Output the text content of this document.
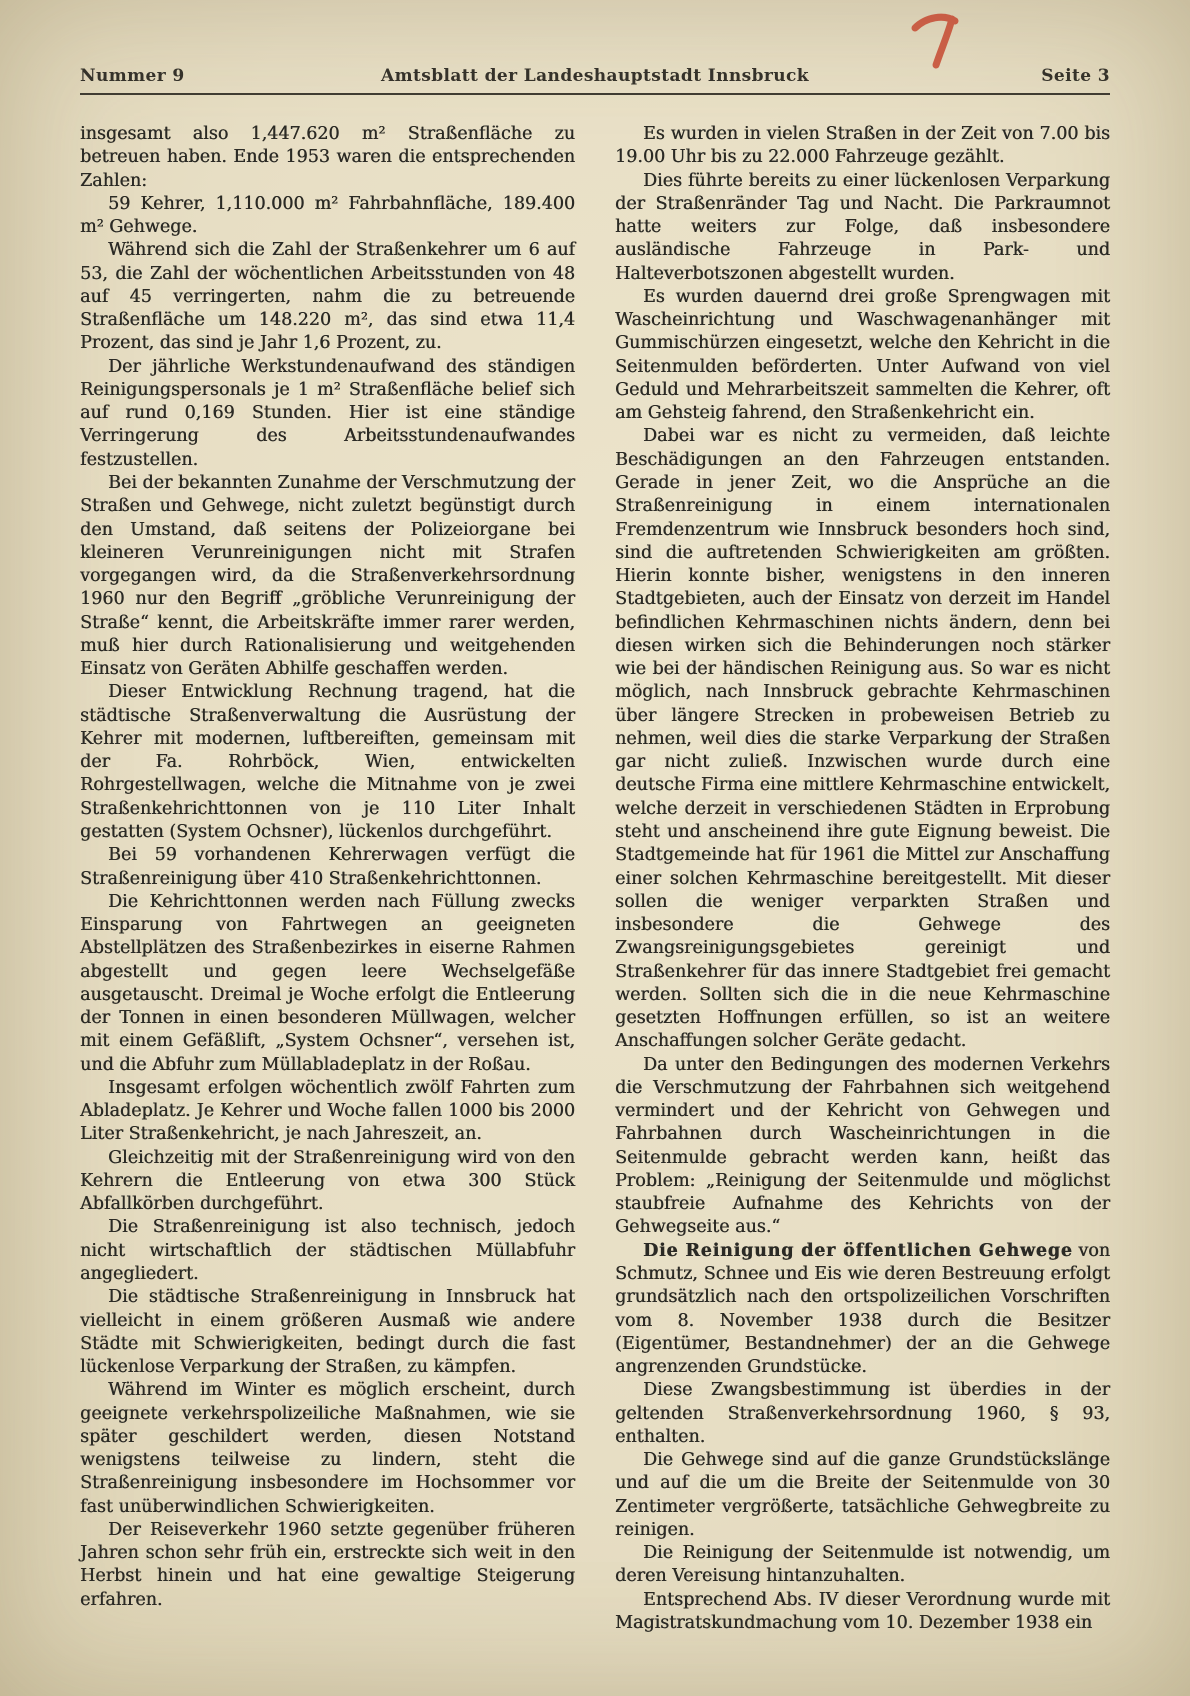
Nummer 9	Amtsblatt der Landeshauptstadt Innsbruck	Seite 3

insgesamt also 1,447.620 m² Straßenfläche zu betreuen haben. Ende 1953 waren die entsprechenden Zahlen:

59 Kehrer, 1,110.000 m² Fahrbahnfläche, 189.400 m² Gehwege.

Während sich die Zahl der Straßenkehrer um 6 auf 53, die Zahl der wöchentlichen Arbeitsstunden von 48 auf 45 verringerten, nahm die zu betreuende Straßenfläche um 148.220 m², das sind etwa 11,4 Prozent, das sind je Jahr 1,6 Prozent, zu.

Der jährliche Werkstundenaufwand des ständigen Reinigungspersonals je 1 m² Straßenfläche belief sich auf rund 0,169 Stunden. Hier ist eine ständige Verringerung des Arbeitsstundenaufwandes festzustellen.

Bei der bekannten Zunahme der Verschmutzung der Straßen und Gehwege, nicht zuletzt begünstigt durch den Umstand, daß seitens der Polizeiorgane bei kleineren Verunreinigungen nicht mit Strafen vorgegangen wird, da die Straßenverkehrsordnung 1960 nur den Begriff „gröbliche Verunreinigung der Straße“ kennt, die Arbeitskräfte immer rarer werden, muß hier durch Rationalisierung und weitgehenden Einsatz von Geräten Abhilfe geschaffen werden.

Dieser Entwicklung Rechnung tragend, hat die städtische Straßenverwaltung die Ausrüstung der Kehrer mit modernen, luftbereiften, gemeinsam mit der Fa. Rohrböck, Wien, entwickelten Rohrgestellwagen, welche die Mitnahme von je zwei Straßenkehrichttonnen von je 110 Liter Inhalt gestatten (System Ochsner), lückenlos durchgeführt.

Bei 59 vorhandenen Kehrerwagen verfügt die Straßenreinigung über 410 Straßenkehrichttonnen.

Die Kehrichttonnen werden nach Füllung zwecks Einsparung von Fahrtwegen an geeigneten Abstellplätzen des Straßenbezirkes in eiserne Rahmen abgestellt und gegen leere Wechselgefäße ausgetauscht. Dreimal je Woche erfolgt die Entleerung der Tonnen in einen besonderen Müllwagen, welcher mit einem Gefäßlift, „System Ochsner“, versehen ist, und die Abfuhr zum Müllabladeplatz in der Roßau.

Insgesamt erfolgen wöchentlich zwölf Fahrten zum Abladeplatz. Je Kehrer und Woche fallen 1000 bis 2000 Liter Straßenkehricht, je nach Jahreszeit, an.

Gleichzeitig mit der Straßenreinigung wird von den Kehrern die Entleerung von etwa 300 Stück Abfallkörben durchgeführt.

Die Straßenreinigung ist also technisch, jedoch nicht wirtschaftlich der städtischen Müllabfuhr angegliedert.

Die städtische Straßenreinigung in Innsbruck hat vielleicht in einem größeren Ausmaß wie andere Städte mit Schwierigkeiten, bedingt durch die fast lückenlose Verparkung der Straßen, zu kämpfen.

Während im Winter es möglich erscheint, durch geeignete verkehrspolizeiliche Maßnahmen, wie sie später geschildert werden, diesen Notstand wenigstens teilweise zu lindern, steht die Straßenreinigung insbesondere im Hochsommer vor fast unüberwindlichen Schwierigkeiten.

Der Reiseverkehr 1960 setzte gegenüber früheren Jahren schon sehr früh ein, erstreckte sich weit in den Herbst hinein und hat eine gewaltige Steigerung erfahren.

Es wurden in vielen Straßen in der Zeit von 7.00 bis 19.00 Uhr bis zu 22.000 Fahrzeuge gezählt.

Dies führte bereits zu einer lückenlosen Verparkung der Straßenränder Tag und Nacht. Die Parkraumnot hatte weiters zur Folge, daß insbesondere ausländische Fahrzeuge in Park- und Halteverbotszonen abgestellt wurden.

Es wurden dauernd drei große Sprengwagen mit Wascheinrichtung und Waschwagenanhänger mit Gummischürzen eingesetzt, welche den Kehricht in die Seitenmulden beförderten. Unter Aufwand von viel Geduld und Mehrarbeitszeit sammelten die Kehrer, oft am Gehsteig fahrend, den Straßenkehricht ein.

Dabei war es nicht zu vermeiden, daß leichte Beschädigungen an den Fahrzeugen entstanden. Gerade in jener Zeit, wo die Ansprüche an die Straßenreinigung in einem internationalen Fremdenzentrum wie Innsbruck besonders hoch sind, sind die auftretenden Schwierigkeiten am größten. Hierin konnte bisher, wenigstens in den inneren Stadtgebieten, auch der Einsatz von derzeit im Handel befindlichen Kehrmaschinen nichts ändern, denn bei diesen wirken sich die Behinderungen noch stärker wie bei der händischen Reinigung aus. So war es nicht möglich, nach Innsbruck gebrachte Kehrmaschinen über längere Strecken in probeweisen Betrieb zu nehmen, weil dies die starke Verparkung der Straßen gar nicht zuließ. Inzwischen wurde durch eine deutsche Firma eine mittlere Kehrmaschine entwickelt, welche derzeit in verschiedenen Städten in Erprobung steht und anscheinend ihre gute Eignung beweist. Die Stadtgemeinde hat für 1961 die Mittel zur Anschaffung einer solchen Kehrmaschine bereitgestellt. Mit dieser sollen die weniger verparkten Straßen und insbesondere die Gehwege des Zwangsreinigungsgebietes gereinigt und Straßenkehrer für das innere Stadtgebiet frei gemacht werden. Sollten sich die in die neue Kehrmaschine gesetzten Hoffnungen erfüllen, so ist an weitere Anschaffungen solcher Geräte gedacht.

Da unter den Bedingungen des modernen Verkehrs die Verschmutzung der Fahrbahnen sich weitgehend vermindert und der Kehricht von Gehwegen und Fahrbahnen durch Wascheinrichtungen in die Seitenmulde gebracht werden kann, heißt das Problem: „Reinigung der Seitenmulde und möglichst staubfreie Aufnahme des Kehrichts von der Gehwegseite aus.“

Die Reinigung der öffentlichen Gehwege von Schmutz, Schnee und Eis wie deren Bestreuung erfolgt grundsätzlich nach den ortspolizeilichen Vorschriften vom 8. November 1938 durch die Besitzer (Eigentümer, Bestandnehmer) der an die Gehwege angrenzenden Grundstücke.

Diese Zwangsbestimmung ist überdies in der geltenden Straßenverkehrsordnung 1960, § 93, enthalten.

Die Gehwege sind auf die ganze Grundstückslänge und auf die um die Breite der Seitenmulde von 30 Zentimeter vergrößerte, tatsächliche Gehwegbreite zu reinigen.

Die Reinigung der Seitenmulde ist notwendig, um deren Vereisung hintanzuhalten.

Entsprechend Abs. IV dieser Verordnung wurde mit Magistratskundmachung vom 10. Dezember 1938 ein
